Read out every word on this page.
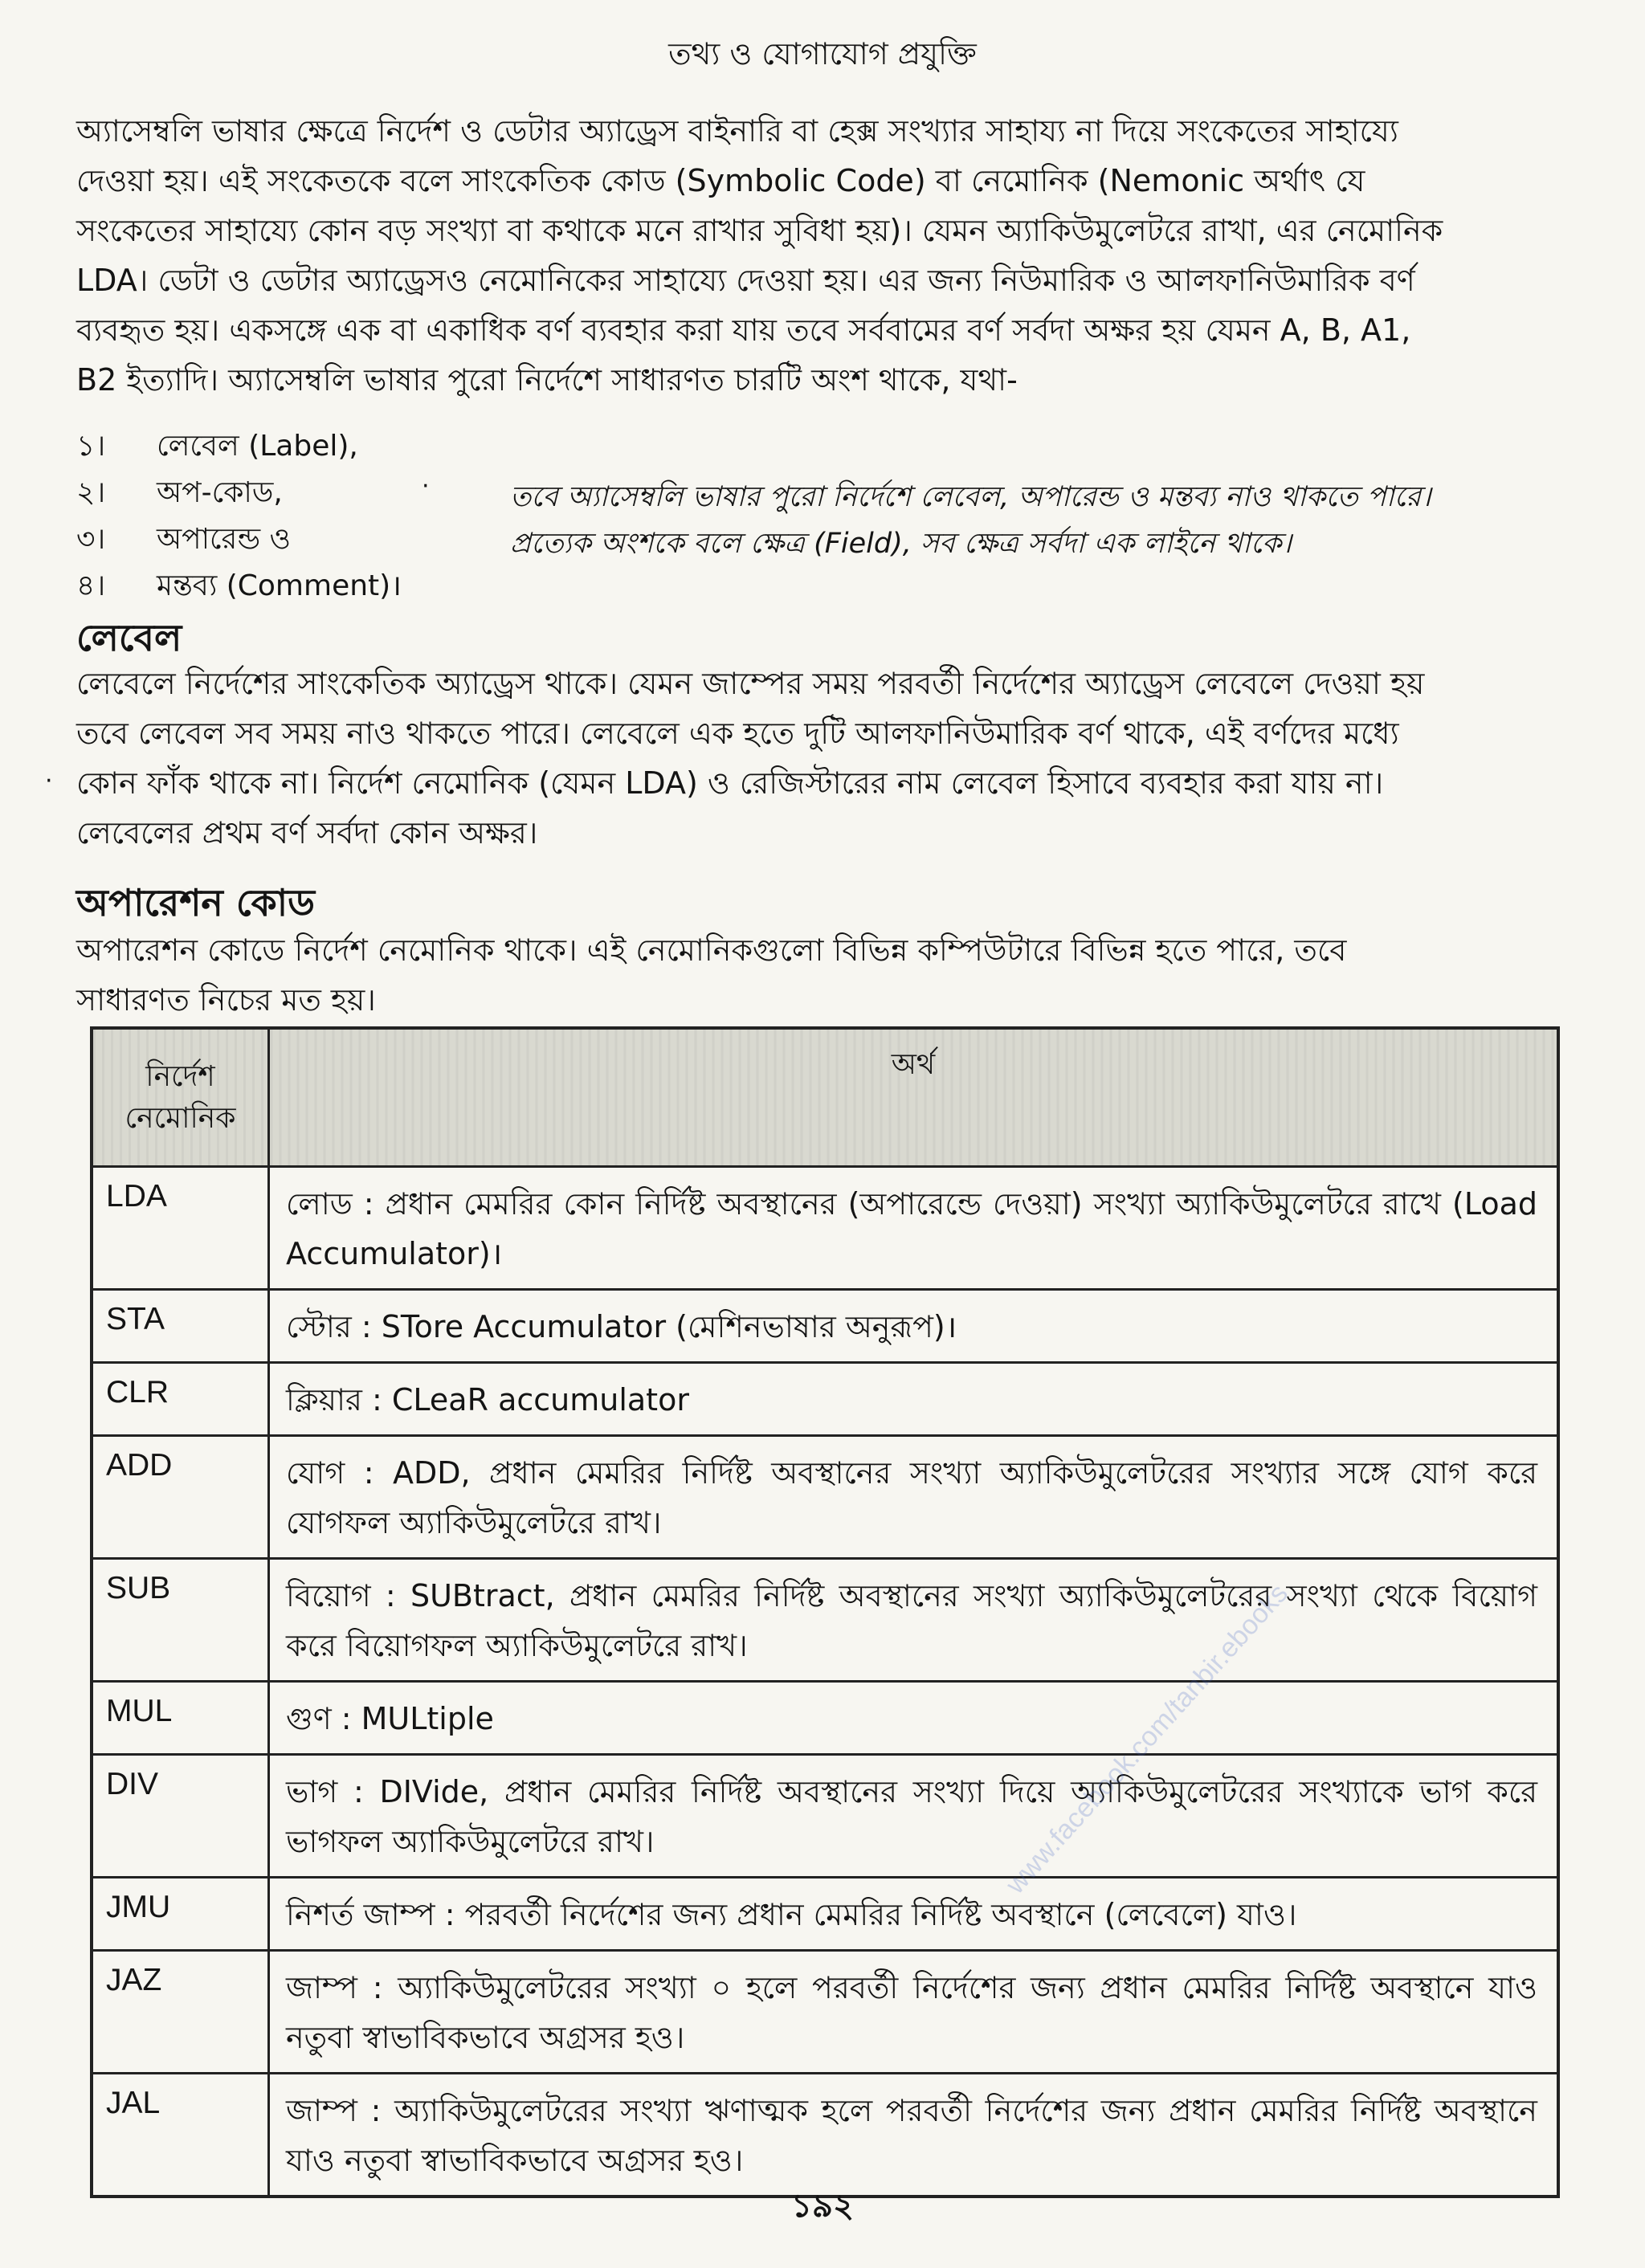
তথ্য ও যোগাযোগ প্রযুক্তি
অ্যাসেম্বলি ভাষার ক্ষেত্রে নির্দেশ ও ডেটার অ্যাড্রেস বাইনারি বা হেক্স সংখ্যার সাহায্য না দিয়ে সংকেতের সাহায্যে
দেওয়া হয়। এই সংকেতকে বলে সাংকেতিক কোড (Symbolic Code) বা নেমোনিক (Nemonic অর্থাৎ যে
সংকেতের সাহায্যে কোন বড় সংখ্যা বা কথাকে মনে রাখার সুবিধা হয়)। যেমন অ্যাকিউমুলেটরে রাখা, এর নেমোনিক
LDA। ডেটা ও ডেটার অ্যাড্রেসও নেমোনিকের সাহায্যে দেওয়া হয়। এর জন্য নিউমারিক ও আলফানিউমারিক বর্ণ
ব্যবহৃত হয়। একসঙ্গে এক বা একাধিক বর্ণ ব্যবহার করা যায় তবে সর্ববামের বর্ণ সর্বদা অক্ষর হয় যেমন A, B, A1,
B2 ইত্যাদি। অ্যাসেম্বলি ভাষার পুরো নির্দেশে সাধারণত চারটি অংশ থাকে, যথা-
১। লেবেল (Label),
২। অপ-কোড,
৩। অপারেন্ড ও
৪। মন্তব্য (Comment)।
·	তবে অ্যাসেম্বলি ভাষার পুরো নির্দেশে লেবেল, অপারেন্ড ও মন্তব্য নাও থাকতে পারে।
প্রত্যেক অংশকে বলে ক্ষেত্র (Field), সব ক্ষেত্র সর্বদা এক লাইনে থাকে।
লেবেল
লেবেলে নির্দেশের সাংকেতিক অ্যাড্রেস থাকে। যেমন জাম্পের সময় পরবর্তী নির্দেশের অ্যাড্রেস লেবেলে দেওয়া হয়
তবে লেবেল সব সময় নাও থাকতে পারে। লেবেলে এক হতে দুটি আলফানিউমারিক বর্ণ থাকে, এই বর্ণদের মধ্যে
কোন ফাঁক থাকে না। নির্দেশ নেমোনিক (যেমন LDA) ও রেজিস্টারের নাম লেবেল হিসাবে ব্যবহার করা যায় না।
লেবেলের প্রথম বর্ণ সর্বদা কোন অক্ষর।
·
অপারেশন কোড
অপারেশন কোডে নির্দেশ নেমোনিক থাকে। এই নেমোনিকগুলো বিভিন্ন কম্পিউটারে বিভিন্ন হতে পারে, তবে
সাধারণত নিচের মত হয়।
নির্দেশ
নেমোনিক	অর্থ
LDA	লোড : প্রধান মেমরির কোন নির্দিষ্ট অবস্থানের (অপারেন্ডে দেওয়া) সংখ্যা অ্যাকিউমুলেটরে রাখে (Load Accumulator)।
STA	স্টোর : STore Accumulator (মেশিনভাষার অনুরূপ)।
CLR	ক্লিয়ার : CLeaR accumulator
ADD	যোগ : ADD, প্রধান মেমরির নির্দিষ্ট অবস্থানের সংখ্যা অ্যাকিউমুলেটরের সংখ্যার সঙ্গে যোগ করে যোগফল অ্যাকিউমুলেটরে রাখ।
SUB	বিয়োগ : SUBtract, প্রধান মেমরির নির্দিষ্ট অবস্থানের সংখ্যা অ্যাকিউমুলেটরের সংখ্যা থেকে বিয়োগ করে বিয়োগফল অ্যাকিউমুলেটরে রাখ।
MUL	গুণ : MULtiple
DIV	ভাগ : DIVide, প্রধান মেমরির নির্দিষ্ট অবস্থানের সংখ্যা দিয়ে অ্যাকিউমুলেটরের সংখ্যাকে ভাগ করে ভাগফল অ্যাকিউমুলেটরে রাখ।
JMU	নিশর্ত জাম্প : পরবর্তী নির্দেশের জন্য প্রধান মেমরির নির্দিষ্ট অবস্থানে (লেবেলে) যাও।
JAZ	জাম্প : অ্যাকিউমুলেটরের সংখ্যা ০ হলে পরবর্তী নির্দেশের জন্য প্রধান মেমরির নির্দিষ্ট অবস্থানে যাও নতুবা স্বাভাবিকভাবে অগ্রসর হও।
JAL	জাম্প : অ্যাকিউমুলেটরের সংখ্যা ঋণাত্মক হলে পরবর্তী নির্দেশের জন্য প্রধান মেমরির নির্দিষ্ট অবস্থানে যাও নতুবা স্বাভাবিকভাবে অগ্রসর হও।
www.facebook.com/tanbir.ebooks
১৯২
